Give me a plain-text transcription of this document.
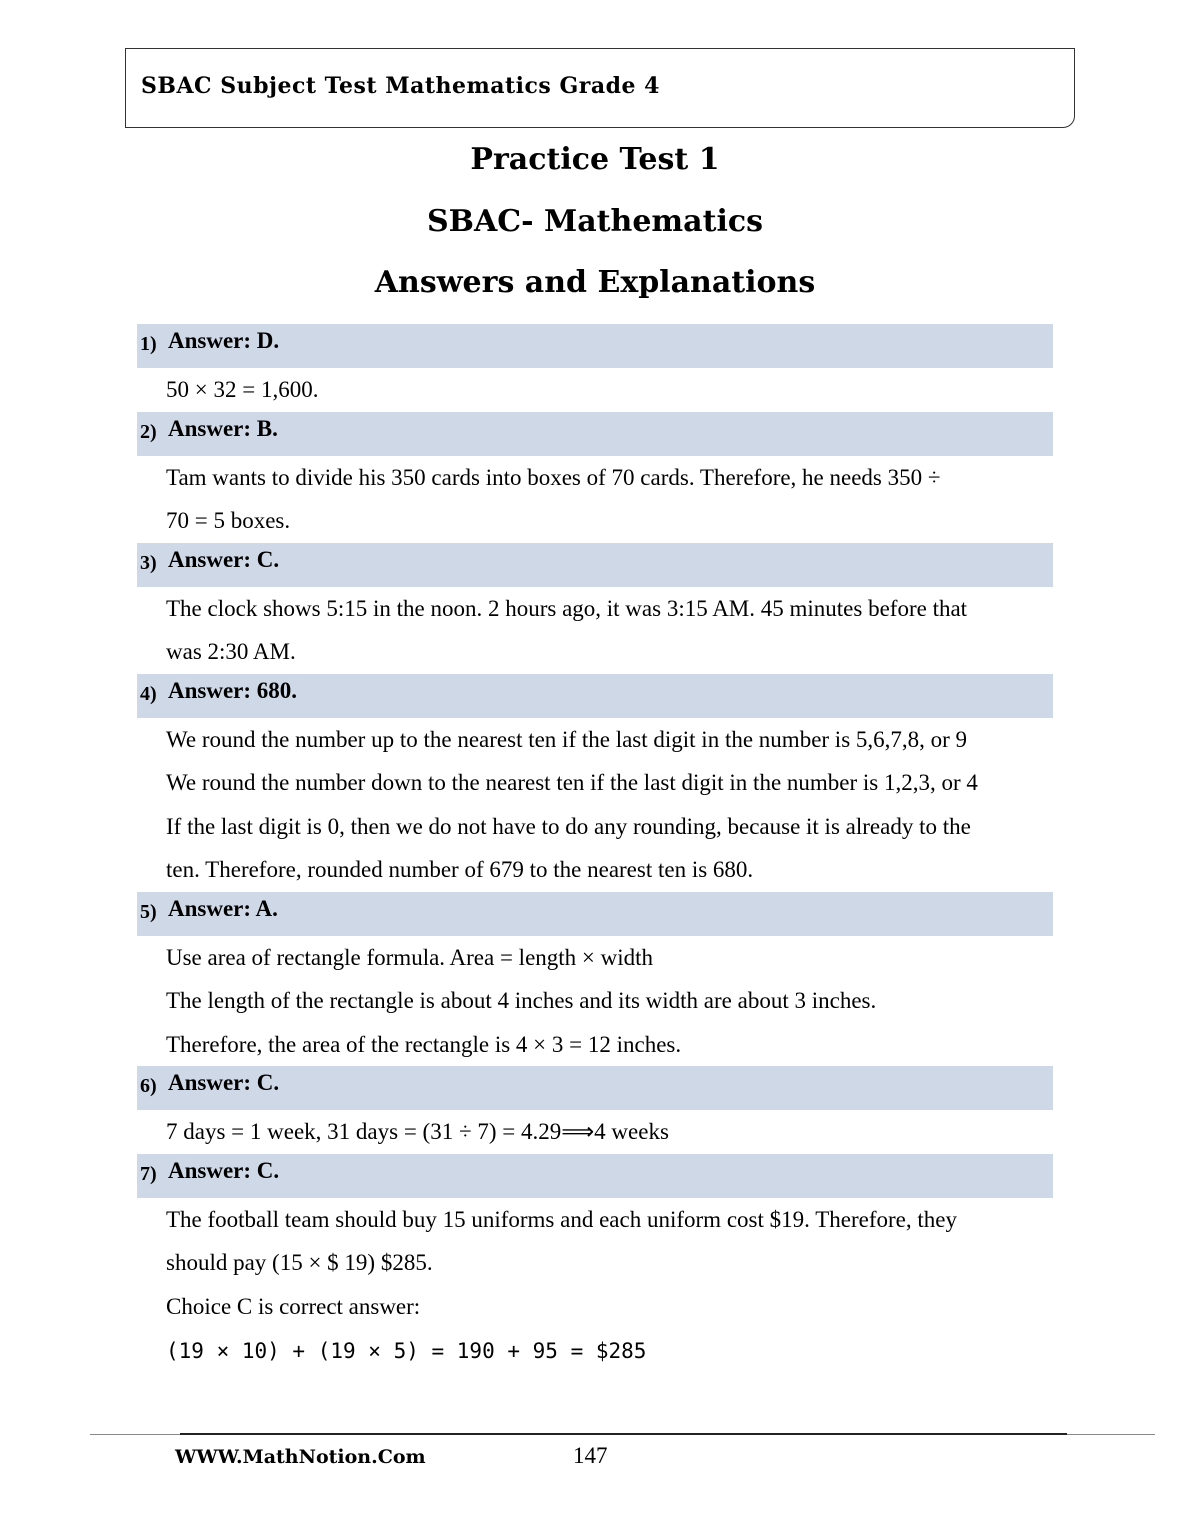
SBAC Subject Test Mathematics Grade 4
Practice Test 1
SBAC- Mathematics
Answers and Explanations
1) Answer: D.
50 × 32 = 1,600.
2) Answer: B.
Tam wants to divide his 350 cards into boxes of 70 cards. Therefore, he needs 350 ÷
70 = 5 boxes.
3) Answer: C.
The clock shows 5:15 in the noon. 2 hours ago, it was 3:15 AM. 45 minutes before that
was 2:30 AM.
4) Answer: 680.
We round the number up to the nearest ten if the last digit in the number is 5,6,7,8, or 9
We round the number down to the nearest ten if the last digit in the number is 1,2,3, or 4
If the last digit is 0, then we do not have to do any rounding, because it is already to the
ten. Therefore, rounded number of 679 to the nearest ten is 680.
5) Answer: A.
Use area of rectangle formula. Area = length × width
The length of the rectangle is about 4 inches and its width are about 3 inches.
Therefore, the area of the rectangle is 4 × 3 = 12 inches.
6) Answer: C.
7 days = 1 week, 31 days = (31 ÷ 7) = 4.29⟹4 weeks
7) Answer: C.
The football team should buy 15 uniforms and each uniform cost $19. Therefore, they
should pay (15 × $ 19) $285.
Choice C is correct answer:
(19 × 10) + (19 × 5) = 190 + 95 = $285
WWW.MathNotion.Com	147
